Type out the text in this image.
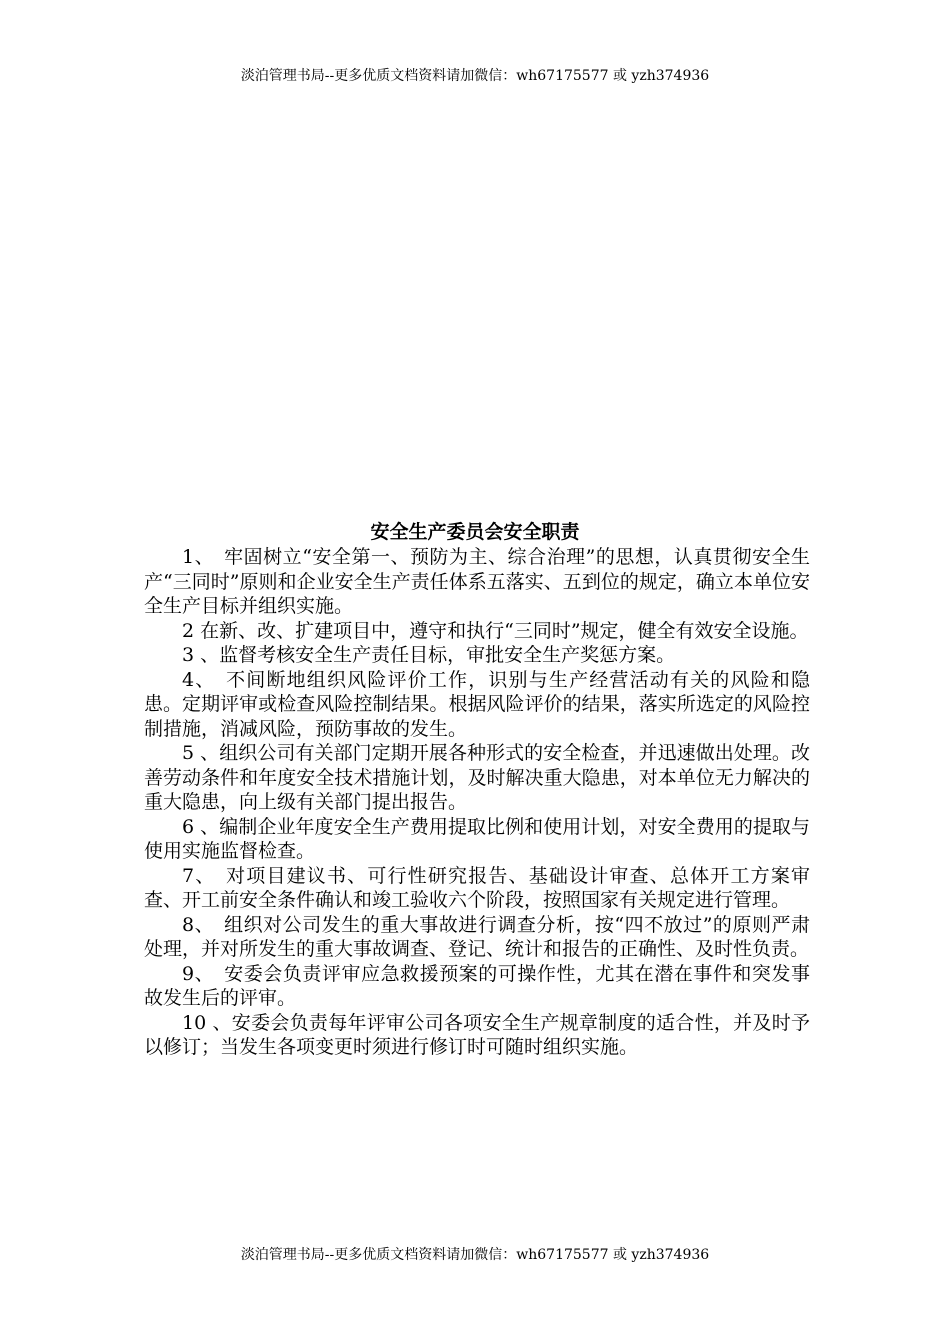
淡泊管理书局--更多优质文档资料请加微信：wh67175577 或 yzh374936
安全生产委员会安全职责

1、　牢固树立“安全第一、预防为主、综合治理”的思想，认真贯彻安全生产“三同时”原则和企业安全生产责任体系五落实、五到位的规定，确立本单位安全生产目标并组织实施。

2 在新、改、扩建项目中，遵守和执行“三同时”规定，健全有效安全设施。

3 、监督考核安全生产责任目标，审批安全生产奖惩方案。

4、　不间断地组织风险评价工作，识别与生产经营活动有关的风险和隐患。定期评审或检查风险控制结果。根据风险评价的结果，落实所选定的风险控制措施，消减风险，预防事故的发生。

5 、组织公司有关部门定期开展各种形式的安全检查，并迅速做出处理。改善劳动条件和年度安全技术措施计划，及时解决重大隐患，对本单位无力解决的重大隐患，向上级有关部门提出报告。

6 、编制企业年度安全生产费用提取比例和使用计划，对安全费用的提取与使用实施监督检查。

7、　对项目建议书、可行性研究报告、基础设计审查、总体开工方案审查、开工前安全条件确认和竣工验收六个阶段，按照国家有关规定进行管理。

8、　组织对公司发生的重大事故进行调查分析，按“四不放过”的原则严肃处理，并对所发生的重大事故调查、登记、统计和报告的正确性、及时性负责。

9、　安委会负责评审应急救援预案的可操作性，尤其在潜在事件和突发事故发生后的评审。

10 、安委会负责每年评审公司各项安全生产规章制度的适合性，并及时予以修订；当发生各项变更时须进行修订时可随时组织实施。

淡泊管理书局--更多优质文档资料请加微信：wh67175577 或 yzh374936
